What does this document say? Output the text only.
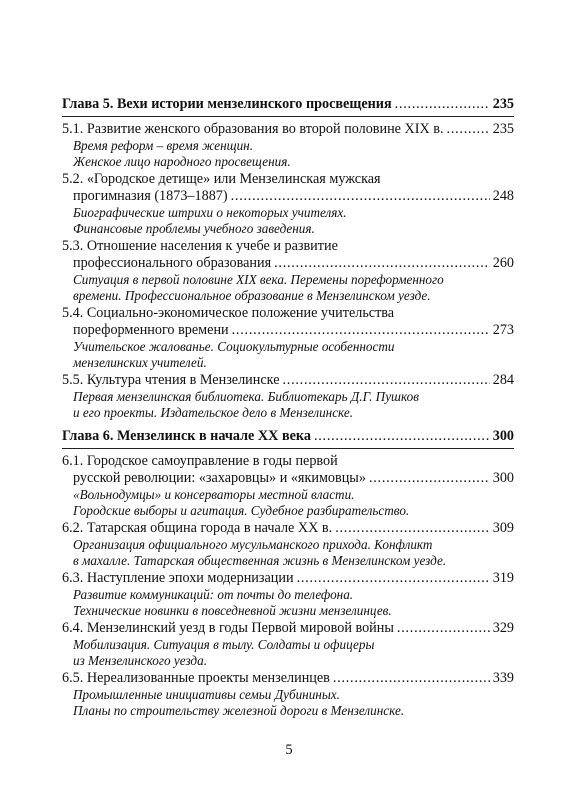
Глава 5. Вехи истории мензелинского просвещения . . .	235
5.1. Развитие женского образования во второй половине XIX в. . . .	235
Время реформ – время женщин.
Женское лицо народного просвещения.
5.2. «Городское детище» или Мензелинская мужская
прогимназия (1873–1887) . . .	248
Биографические штрихи о некоторых учителях.
Финансовые проблемы учебного заведения.
5.3. Отношение населения к учебе и развитие
профессионального образования . . .	260
Ситуация в первой половине XIX века. Перемены пореформенного
времени. Профессиональное образование в Мензелинском уезде.
5.4. Социально-экономическое положение учительства
пореформенного времени . . .	273
Учительское жалованье. Социокультурные особенности
мензелинских учителей.
5.5. Культура чтения в Мензелинске . . .	284
Первая мензелинская библиотека. Библиотекарь Д.Г. Пушков
и его проекты. Издательское дело в Мензелинске.
Глава 6. Мензелинск в начале XX века . . .	300
6.1. Городское самоуправление в годы первой
русской революции: «захаровцы» и «якимовцы» . . .	300
«Вольнодумцы» и консерваторы местной власти.
Городские выборы и агитация. Судебное разбирательство.
6.2. Татарская община города в начале XX в. . . .	309
Организация официального мусульманского прихода. Конфликт
в махалле. Татарская общественная жизнь в Мензелинском уезде.
6.3. Наступление эпохи модернизации . . .	319
Развитие коммуникаций: от почты до телефона.
Технические новинки в повседневной жизни мензелинцев.
6.4. Мензелинский уезд в годы Первой мировой войны . . .	329
Мобилизация. Ситуация в тылу. Солдаты и офицеры
из Мензелинского уезда.
6.5. Нереализованные проекты мензелинцев . . .	339
Промышленные инициативы семьи Дубининых.
Планы по строительству железной дороги в Мензелинске.
5
